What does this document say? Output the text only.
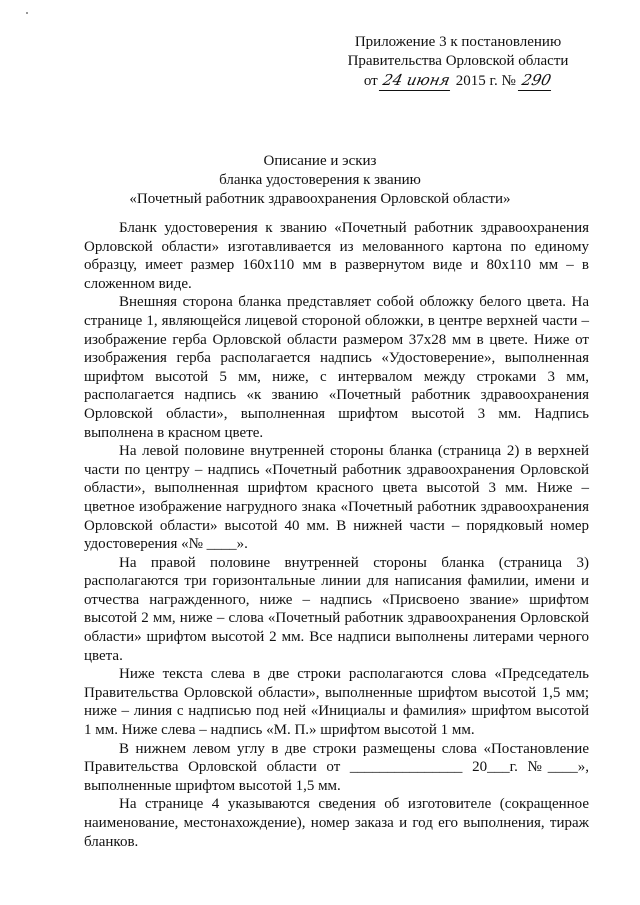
Приложение 3 к постановлению
Правительства Орловской области
от 24 июня 2015 г. № 290
Описание и эскиз
бланка удостоверения к званию
«Почетный работник здравоохранения Орловской области»

Бланк удостоверения к званию «Почетный работник здравоохранения Орловской области» изготавливается из мелованного картона по единому образцу, имеет размер 160x110 мм в развернутом виде и 80x110 мм – в сложенном виде.

Внешняя сторона бланка представляет собой обложку белого цвета. На странице 1, являющейся лицевой стороной обложки, в центре верхней части – изображение герба Орловской области размером 37x28 мм в цвете. Ниже от изображения герба располагается надпись «Удостоверение», выполненная шрифтом высотой 5 мм, ниже, с интервалом между строками 3 мм, располагается надпись «к званию «Почетный работник здравоохранения Орловской области», выполненная шрифтом высотой 3 мм. Надпись выполнена в красном цвете.

На левой половине внутренней стороны бланка (страница 2) в верхней части по центру – надпись «Почетный работник здравоохранения Орловской области», выполненная шрифтом красного цвета высотой 3 мм. Ниже – цветное изображение нагрудного знака «Почетный работник здравоохранения Орловской области» высотой 40 мм. В нижней части – порядковый номер удостоверения «№ ____».

На правой половине внутренней стороны бланка (страница 3) располагаются три горизонтальные линии для написания фамилии, имени и отчества награжденного, ниже – надпись «Присвоено звание» шрифтом высотой 2 мм, ниже – слова «Почетный работник здравоохранения Орловской области» шрифтом высотой 2 мм. Все надписи выполнены литерами черного цвета.

Ниже текста слева в две строки располагаются слова «Председатель Правительства Орловской области», выполненные шрифтом высотой 1,5 мм; ниже – линия с надписью под ней «Инициалы и фамилия» шрифтом высотой 1 мм. Ниже слева – надпись «М. П.» шрифтом высотой 1 мм.

В нижнем левом углу в две строки размещены слова «Постановление Правительства Орловской области от _______________ 20___г. №____», выполненные шрифтом высотой 1,5 мм.

На странице 4 указываются сведения об изготовителе (сокращенное наименование, местонахождение), номер заказа и год его выполнения, тираж бланков.
